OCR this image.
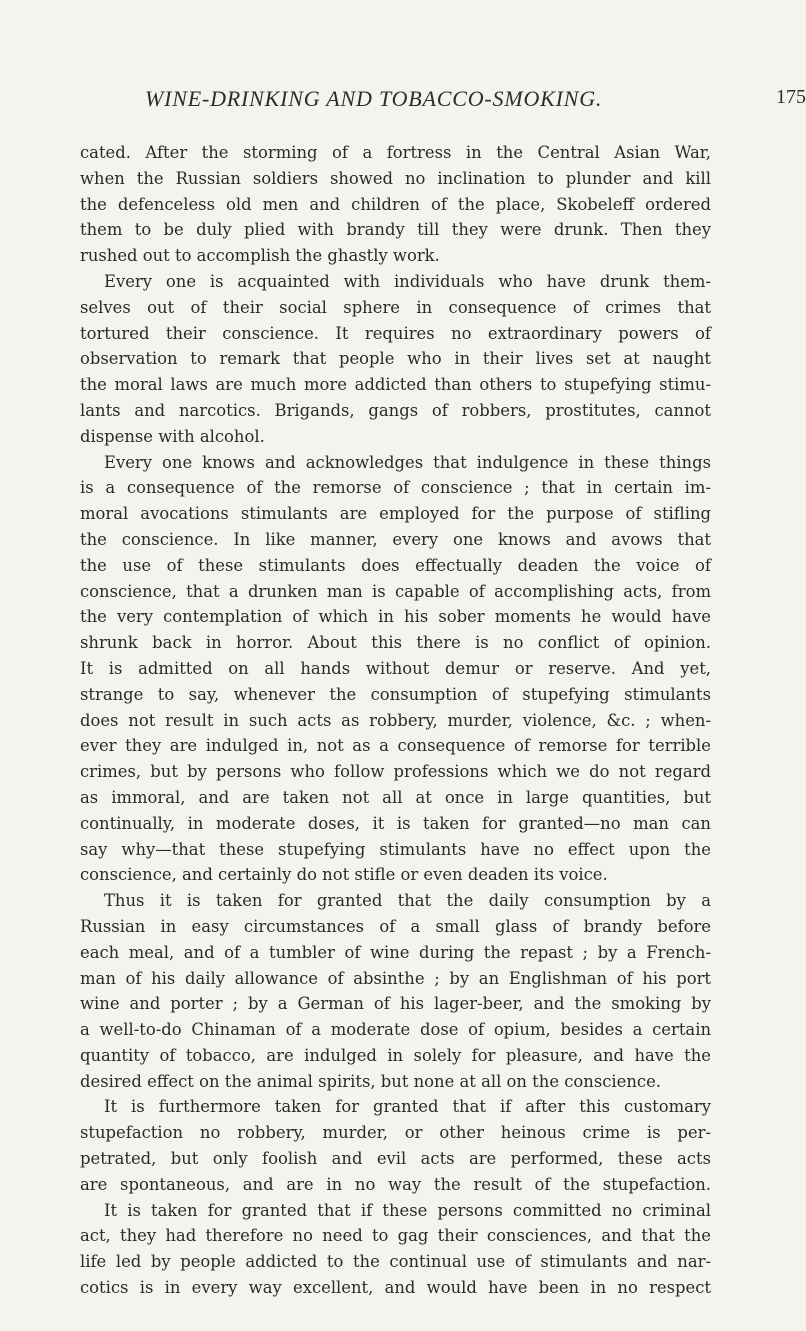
WINE-DRINKING AND TOBACCO-SMOKING.	175
cated. After the storming of a fortress in the Central Asian War,
when the Russian soldiers showed no inclination to plunder and kill
the defenceless old men and children of the place, Skobeleff ordered
them to be duly plied with brandy till they were drunk. Then they
rushed out to accomplish the ghastly work.
Every one is acquainted with individuals who have drunk them-
selves out of their social sphere in consequence of crimes that
tortured their conscience. It requires no extraordinary powers of
observation to remark that people who in their lives set at naught
the moral laws are much more addicted than others to stupefying stimu-
lants and narcotics. Brigands, gangs of robbers, prostitutes, cannot
dispense with alcohol.
Every one knows and acknowledges that indulgence in these things
is a consequence of the remorse of conscience ; that in certain im-
moral avocations stimulants are employed for the purpose of stifling
the conscience. In like manner, every one knows and avows that
the use of these stimulants does effectually deaden the voice of
conscience, that a drunken man is capable of accomplishing acts, from
the very contemplation of which in his sober moments he would have
shrunk back in horror. About this there is no conflict of opinion.
It is admitted on all hands without demur or reserve. And yet,
strange to say, whenever the consumption of stupefying stimulants
does not result in such acts as robbery, murder, violence, &c. ; when-
ever they are indulged in, not as a consequence of remorse for terrible
crimes, but by persons who follow professions which we do not regard
as immoral, and are taken not all at once in large quantities, but
continually, in moderate doses, it is taken for granted—no man can
say why—that these stupefying stimulants have no effect upon the
conscience, and certainly do not stifle or even deaden its voice.
Thus it is taken for granted that the daily consumption by a
Russian in easy circumstances of a small glass of brandy before
each meal, and of a tumbler of wine during the repast ; by a French-
man of his daily allowance of absinthe ; by an Englishman of his port
wine and porter ; by a German of his lager-beer, and the smoking by
a well-to-do Chinaman of a moderate dose of opium, besides a certain
quantity of tobacco, are indulged in solely for pleasure, and have the
desired effect on the animal spirits, but none at all on the conscience.
It is furthermore taken for granted that if after this customary
stupefaction no robbery, murder, or other heinous crime is per-
petrated, but only foolish and evil acts are performed, these acts
are spontaneous, and are in no way the result of the stupefaction.
It is taken for granted that if these persons committed no criminal
act, they had therefore no need to gag their consciences, and that the
life led by people addicted to the continual use of stimulants and nar-
cotics is in every way excellent, and would have been in no respect
